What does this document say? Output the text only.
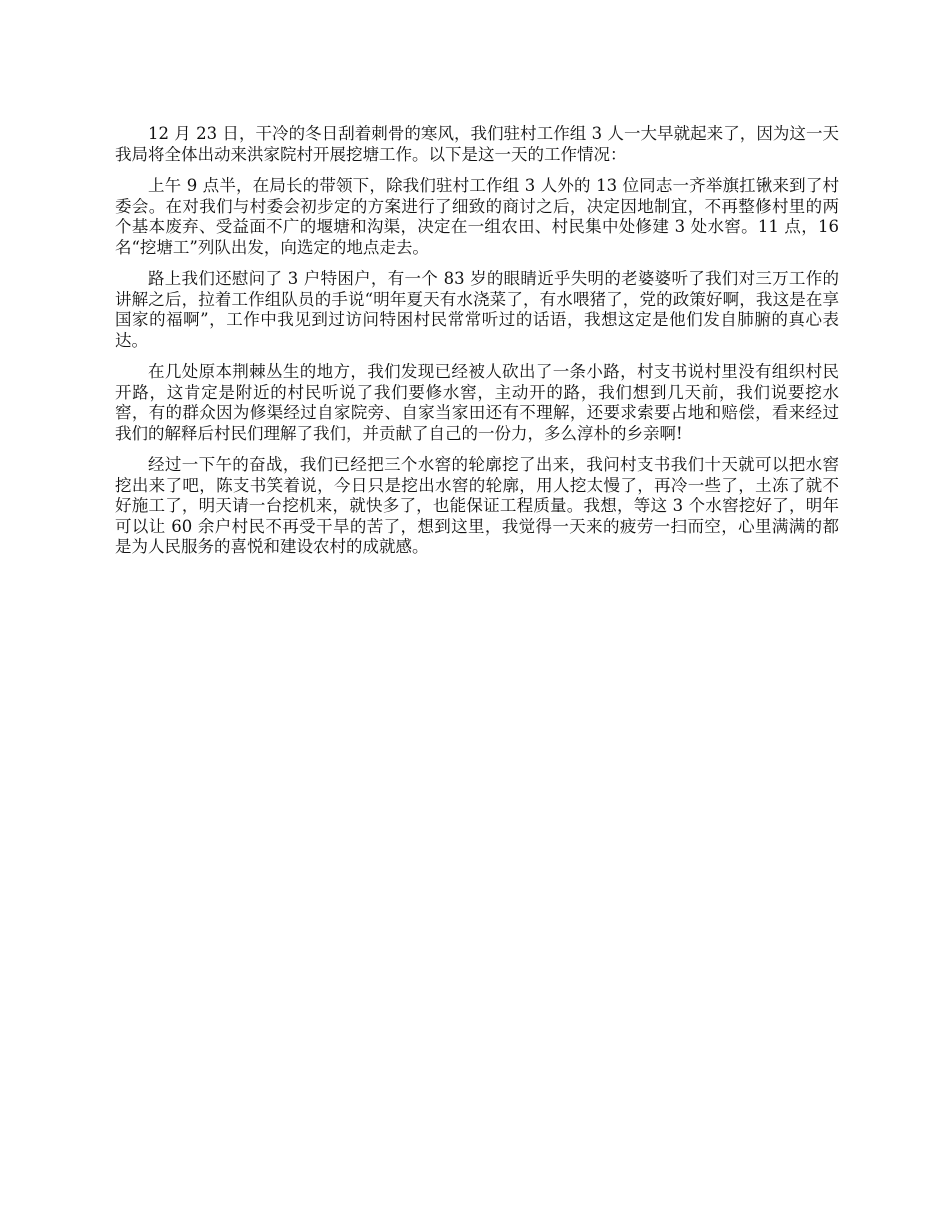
12 月 23 日，干冷的冬日刮着刺骨的寒风，我们驻村工作组 3 人一大早就起来了，因为这一天我局将全体出动来洪家院村开展挖塘工作。以下是这一天的工作情况：

上午 9 点半，在局长的带领下，除我们驻村工作组 3 人外的 13 位同志一齐举旗扛锹来到了村委会。在对我们与村委会初步定的方案进行了细致的商讨之后，决定因地制宜，不再整修村里的两个基本废弃、受益面不广的堰塘和沟渠，决定在一组农田、村民集中处修建 3 处水窖。11 点，16 名“挖塘工”列队出发，向选定的地点走去。

路上我们还慰问了 3 户特困户，有一个 83 岁的眼睛近乎失明的老婆婆听了我们对三万工作的讲解之后，拉着工作组队员的手说“明年夏天有水浇菜了，有水喂猪了，党的政策好啊，我这是在享国家的福啊”，工作中我见到过访问特困村民常常听过的话语，我想这定是他们发自肺腑的真心表达。

在几处原本荆棘丛生的地方，我们发现已经被人砍出了一条小路，村支书说村里没有组织村民开路，这肯定是附近的村民听说了我们要修水窖，主动开的路，我们想到几天前，我们说要挖水窖，有的群众因为修渠经过自家院旁、自家当家田还有不理解，还要求索要占地和赔偿，看来经过我们的解释后村民们理解了我们，并贡献了自己的一份力，多么淳朴的乡亲啊!

经过一下午的奋战，我们已经把三个水窖的轮廓挖了出来，我问村支书我们十天就可以把水窖挖出来了吧，陈支书笑着说，今日只是挖出水窖的轮廓，用人挖太慢了，再冷一些了，土冻了就不好施工了，明天请一台挖机来，就快多了，也能保证工程质量。我想，等这 3 个水窖挖好了，明年可以让 60 余户村民不再受干旱的苦了，想到这里，我觉得一天来的疲劳一扫而空，心里满满的都是为人民服务的喜悦和建设农村的成就感。
